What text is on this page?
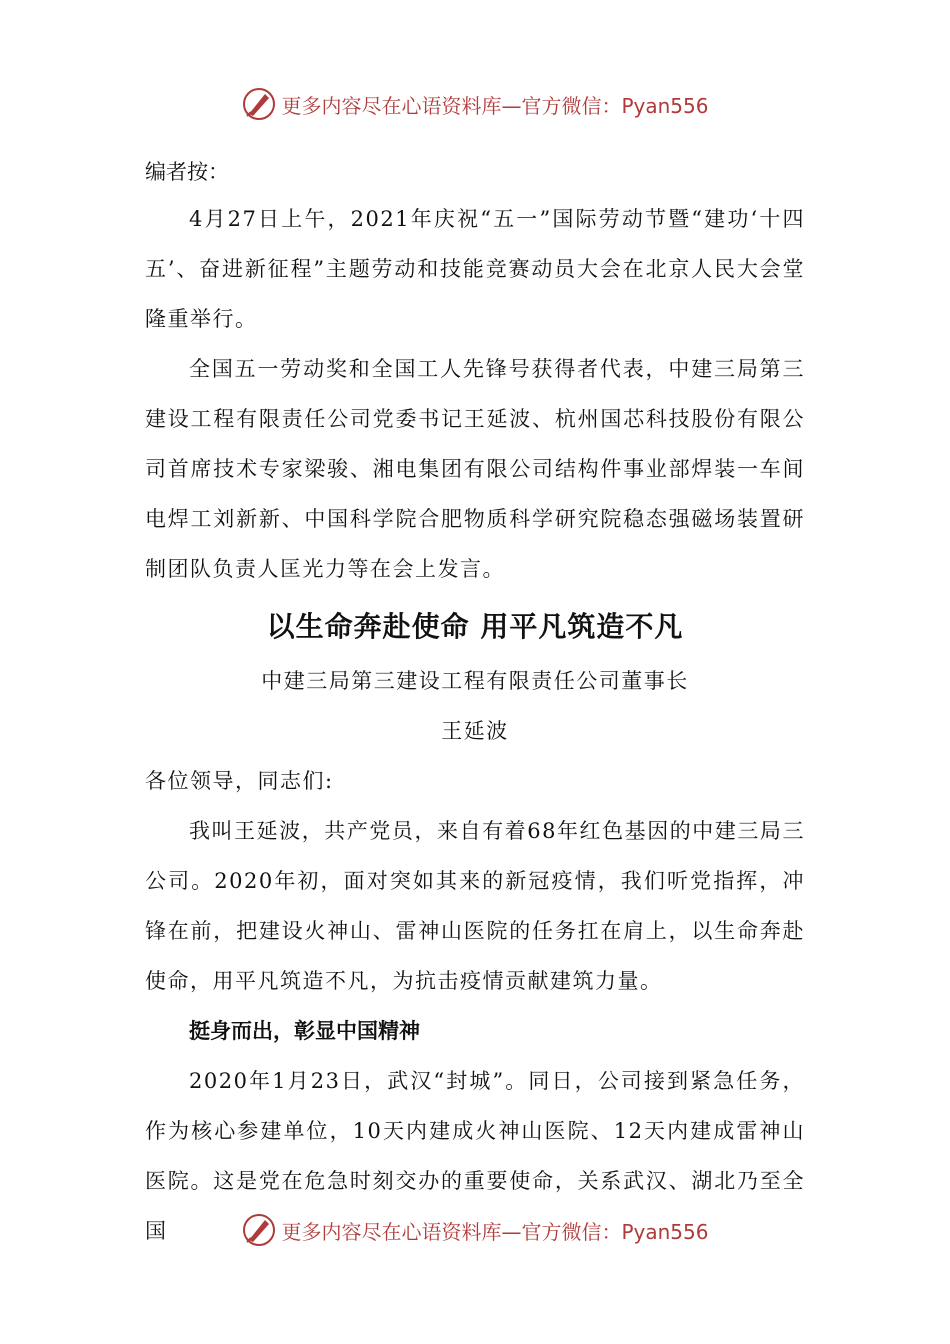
更多内容尽在心语资料库— 官方微信：Pyan556

编者按：

4月27日上午，2021年庆祝“五一”国际劳动节暨“建功‘十四五’、奋进新征程”主题劳动和技能竞赛动员大会在北京人民大会堂隆重举行。

全国五一劳动奖和全国工人先锋号获得者代表，中建三局第三建设工程有限责任公司党委书记王延波、杭州国芯科技股份有限公司首席技术专家梁骏、湘电集团有限公司结构件事业部焊装一车间电焊工刘新新、中国科学院合肥物质科学研究院稳态强磁场装置研制团队负责人匡光力等在会上发言。

以生命奔赴使命 用平凡筑造不凡

中建三局第三建设工程有限责任公司董事长

王延波

各位领导，同志们:

我叫王延波，共产党员，来自有着68年红色基因的中建三局三公司。2020年初，面对突如其来的新冠疫情，我们听党指挥，冲锋在前，把建设火神山、雷神山医院的任务扛在肩上，以生命奔赴使命，用平凡筑造不凡，为抗击疫情贡献建筑力量。

挺身而出，彰显中国精神

2020年1月23日，武汉“封城”。同日，公司接到紧急任务，作为核心参建单位，10天内建成火神山医院、12天内建成雷神山医院。这是党在危急时刻交办的重要使命，关系武汉、湖北乃至全国	更多内容尽在心语资料库— 官方微信：Pyan556
